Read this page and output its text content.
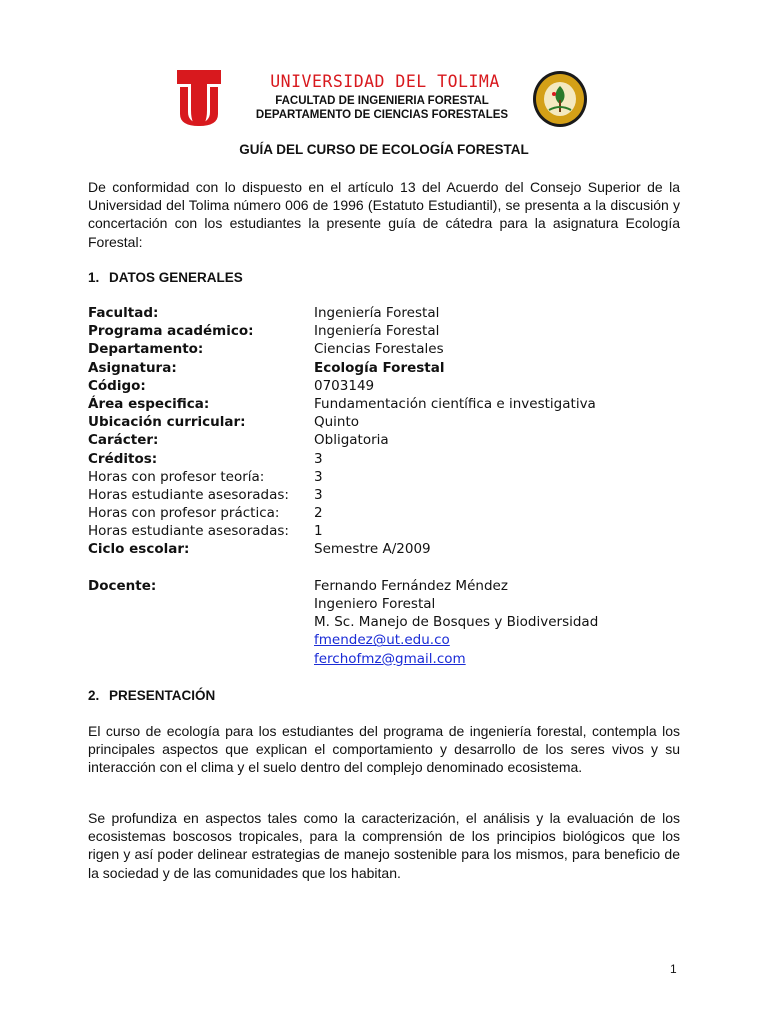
UNIVERSIDAD DEL TOLIMA
FACULTAD DE INGENIERIA FORESTAL
DEPARTAMENTO DE CIENCIAS FORESTALES
GUÍA DEL CURSO DE ECOLOGÍA FORESTAL
De conformidad con lo dispuesto en el artículo 13 del Acuerdo del Consejo Superior de la Universidad del Tolima número 006 de 1996 (Estatuto Estudiantil), se presenta a la discusión y concertación con los estudiantes la presente guía de cátedra para la asignatura Ecología Forestal:
1. DATOS GENERALES
Facultad:	Ingeniería Forestal
Programa académico:	Ingeniería Forestal
Departamento:	Ciencias Forestales
Asignatura:	Ecología Forestal
Código:	0703149
Área especifica:	Fundamentación científica e investigativa
Ubicación curricular:	Quinto
Carácter:	Obligatoria
Créditos:	3
Horas con profesor teoría:	3
Horas estudiante asesoradas:	3
Horas con profesor práctica:	2
Horas estudiante asesoradas:	1
Ciclo escolar:	Semestre A/2009
Docente:	Fernando Fernández Méndez
Ingeniero Forestal
M. Sc. Manejo de Bosques y Biodiversidad
fmendez@ut.edu.co
ferchofmz@gmail.com
2. PRESENTACIÓN
El curso de ecología para los estudiantes del programa de ingeniería forestal, contempla los principales aspectos que explican el comportamiento y desarrollo de los seres vivos y su interacción con el clima y el suelo dentro del complejo denominado ecosistema.
Se profundiza en aspectos tales como la caracterización, el análisis y la evaluación de los ecosistemas boscosos tropicales, para la comprensión de los principios biológicos que los rigen y así poder delinear estrategias de manejo sostenible para los mismos, para beneficio de la sociedad y de las comunidades que los habitan.
1
